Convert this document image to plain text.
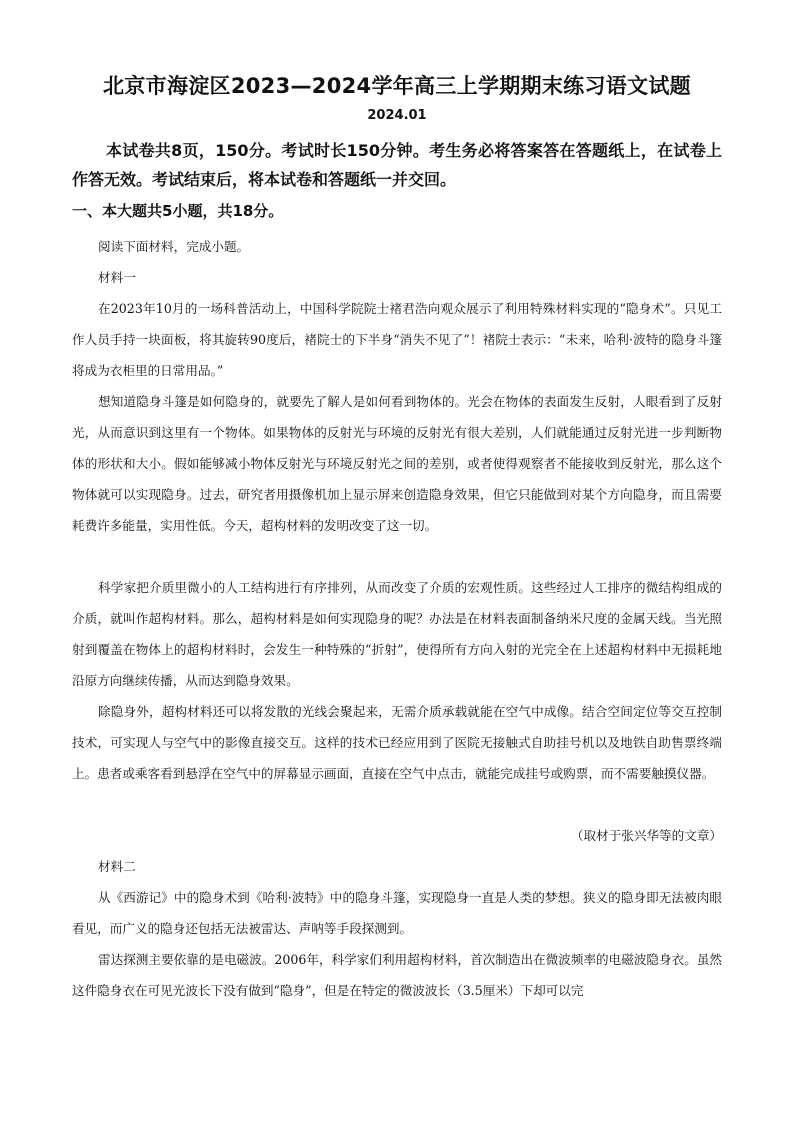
北京市海淀区2023—2024学年高三上学期期末练习语文试题
2024.01

本试卷共8页，150分。考试时长150分钟。考生务必将答案答在答题纸上，在试卷上作答无效。考试结束后，将本试卷和答题纸一并交回。

一、本大题共5小题，共18分。

阅读下面材料，完成小题。

材料一

在2023年10月的一场科普活动上，中国科学院院士褚君浩向观众展示了利用特殊材料实现的“隐身术”。只见工作人员手持一块面板，将其旋转90度后，褚院士的下半身“消失不见了”！褚院士表示：“未来，哈利·波特的隐身斗篷将成为衣柜里的日常用品。”

想知道隐身斗篷是如何隐身的，就要先了解人是如何看到物体的。光会在物体的表面发生反射，人眼看到了反射光，从而意识到这里有一个物体。如果物体的反射光与环境的反射光有很大差别，人们就能通过反射光进一步判断物体的形状和大小。假如能够减小物体反射光与环境反射光之间的差别，或者使得观察者不能接收到反射光，那么这个物体就可以实现隐身。过去，研究者用摄像机加上显示屏来创造隐身效果，但它只能做到对某个方向隐身，而且需要耗费许多能量，实用性低。今天，超构材料的发明改变了这一切。

科学家把介质里微小的人工结构进行有序排列，从而改变了介质的宏观性质。这些经过人工排序的微结构组成的介质，就叫作超构材料。那么，超构材料是如何实现隐身的呢？办法是在材料表面制备纳米尺度的金属天线。当光照射到覆盖在物体上的超构材料时，会发生一种特殊的“折射”，使得所有方向入射的光完全在上述超构材料中无损耗地沿原方向继续传播，从而达到隐身效果。

除隐身外，超构材料还可以将发散的光线会聚起来，无需介质承载就能在空气中成像。结合空间定位等交互控制技术，可实现人与空气中的影像直接交互。这样的技术已经应用到了医院无接触式自助挂号机以及地铁自助售票终端上。患者或乘客看到悬浮在空气中的屏幕显示画面，直接在空气中点击，就能完成挂号或购票，而不需要触摸仪器。

（取材于张兴华等的文章）

材料二

从《西游记》中的隐身术到《哈利·波特》中的隐身斗篷，实现隐身一直是人类的梦想。狭义的隐身即无法被肉眼看见，而广义的隐身还包括无法被雷达、声呐等手段探测到。

雷达探测主要依靠的是电磁波。2006年，科学家们利用超构材料，首次制造出在微波频率的电磁波隐身衣。虽然这件隐身衣在可见光波长下没有做到“隐身”，但是在特定的微波波长（3.5厘米）下却可以完
